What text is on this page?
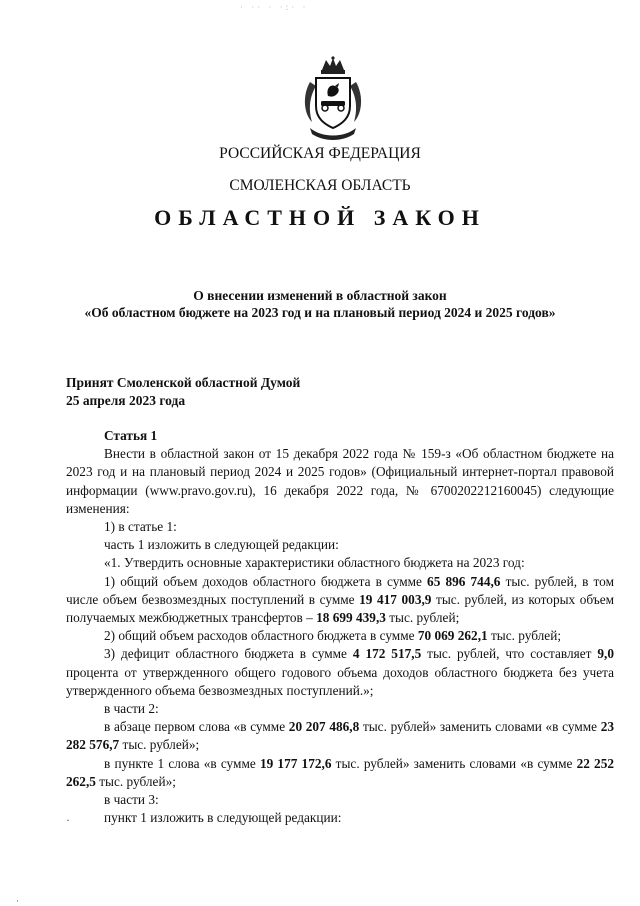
· ·· · ·:· ·
РОССИЙСКАЯ ФЕДЕРАЦИЯ
СМОЛЕНСКАЯ ОБЛАСТЬ
ОБЛАСТНОЙ ЗАКОН
О внесении изменений в областной закон
«Об областном бюджете на 2023 год и на плановый период 2024 и 2025 годов»
Принят Смоленской областной Думой
25 апреля 2023 года

Статья 1

Внести в областной закон от 15 декабря 2022 года № 159-з «Об областном бюджете на 2023 год и на плановый период 2024 и 2025 годов» (Официальный интернет-портал правовой информации (www.pravo.gov.ru), 16 декабря 2022 года, № 6700202212160045) следующие изменения:

1) в статье 1:

часть 1 изложить в следующей редакции:

«1. Утвердить основные характеристики областного бюджета на 2023 год:

1) общий объем доходов областного бюджета в сумме 65 896 744,6 тыс. рублей, в том числе объем безвозмездных поступлений в сумме 19 417 003,9 тыс. рублей, из которых объем получаемых межбюджетных трансфертов – 18 699 439,3 тыс. рублей;

2) общий объем расходов областного бюджета в сумме 70 069 262,1 тыс. рублей;

3) дефицит областного бюджета в сумме 4 172 517,5 тыс. рублей, что составляет 9,0 процента от утвержденного общего годового объема доходов областного бюджета без учета утвержденного объема безвозмездных поступлений.»;

в части 2:

в абзаце первом слова «в сумме 20 207 486,8 тыс. рублей» заменить словами «в сумме 23 282 576,7 тыс. рублей»;

в пункте 1 слова «в сумме 19 177 172,6 тыс. рублей» заменить словами «в сумме 22 252 262,5 тыс. рублей»;

в части 3:

пункт 1 изложить в следующей редакции:

·
·
